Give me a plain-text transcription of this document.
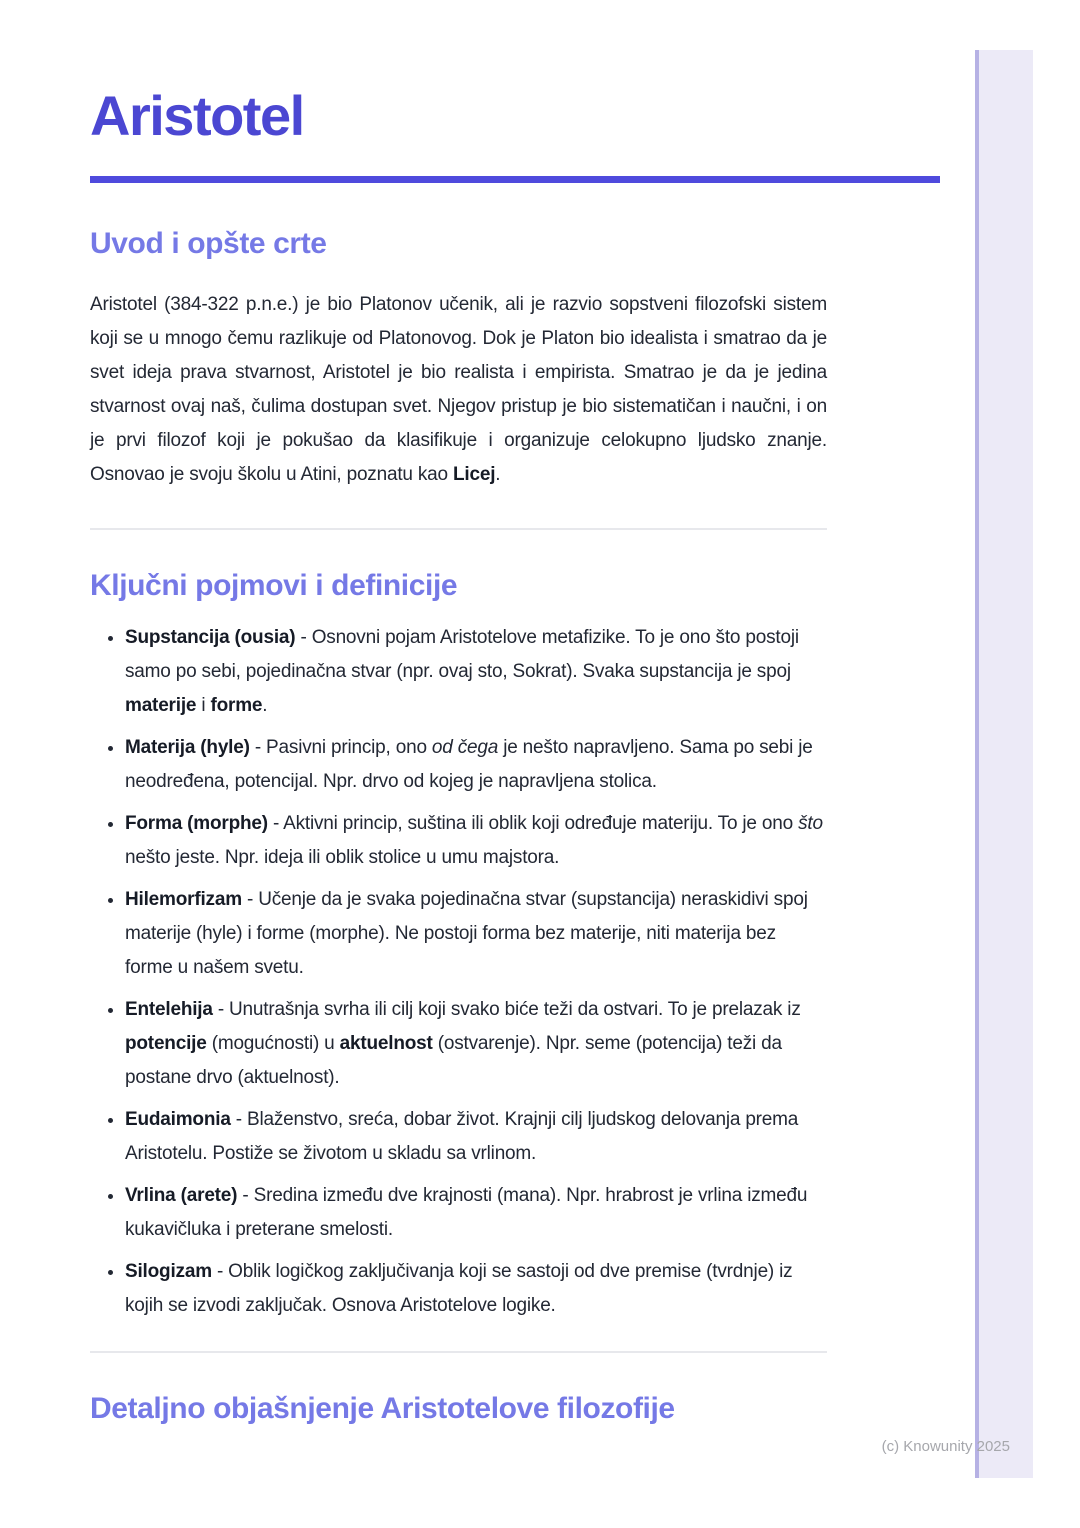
Aristotel
Uvod i opšte crte

Aristotel (384-322 p.n.e.) je bio Platonov učenik, ali je razvio sopstveni filozofski sistem koji se u mnogo čemu razlikuje od Platonovog. Dok je Platon bio idealista i smatrao da je svet ideja prava stvarnost, Aristotel je bio realista i empirista. Smatrao je da je jedina stvarnost ovaj naš, čulima dostupan svet. Njegov pristup je bio sistematičan i naučni, i on je prvi filozof koji je pokušao da klasifikuje i organizuje celokupno ljudsko znanje. Osnovao je svoju školu u Atini, poznatu kao Licej.

Ključni pojmovi i definicije
• Supstancija (ousia) - Osnovni pojam Aristotelove metafizike. To je ono što postoji samo po sebi, pojedinačna stvar (npr. ovaj sto, Sokrat). Svaka supstancija je spoj materije i forme.
• Materija (hyle) - Pasivni princip, ono od čega je nešto napravljeno. Sama po sebi je neodređena, potencijal. Npr. drvo od kojeg je napravljena stolica.
• Forma (morphe) - Aktivni princip, suština ili oblik koji određuje materiju. To je ono što nešto jeste. Npr. ideja ili oblik stolice u umu majstora.
• Hilemorfizam - Učenje da je svaka pojedinačna stvar (supstancija) neraskidivi spoj materije (hyle) i forme (morphe). Ne postoji forma bez materije, niti materija bez forme u našem svetu.
• Entelehija - Unutrašnja svrha ili cilj koji svako biće teži da ostvari. To je prelazak iz potencije (mogućnosti) u aktuelnost (ostvarenje). Npr. seme (potencija) teži da postane drvo (aktuelnost).
• Eudaimonia - Blaženstvo, sreća, dobar život. Krajnji cilj ljudskog delovanja prema Aristotelu. Postiže se životom u skladu sa vrlinom.
• Vrlina (arete) - Sredina između dve krajnosti (mana). Npr. hrabrost je vrlina između kukavičluka i preterane smelosti.
• Silogizam - Oblik logičkog zaključivanja koji se sastoji od dve premise (tvrdnje) iz kojih se izvodi zaključak. Osnova Aristotelove logike.
Detaljno objašnjenje Aristotelove filozofije
(c) Knowunity 2025
